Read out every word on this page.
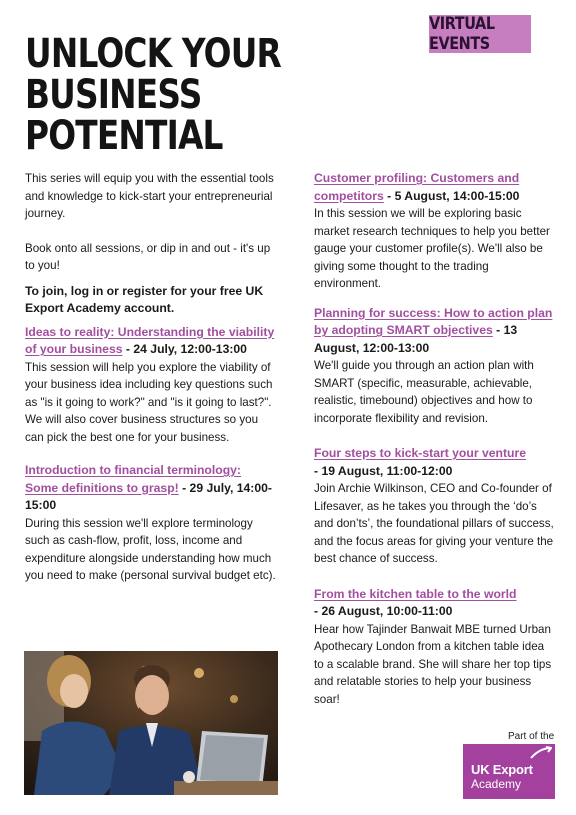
VIRTUAL EVENTS
UNLOCK YOUR
BUSINESS
POTENTIAL

This series will equip you with the essential tools and knowledge to kick-start your entrepreneurial journey.

Book onto all sessions, or dip in and out - it's up to you!

To join, log in or register for your free UK Export Academy account.

Ideas to reality: Understanding the viability of your business - 24 July, 12:00-13:00

This session will help you explore the viability of your business idea including key questions such as "is it going to work?" and "is it going to last?". We will also cover business structures so you can pick the best one for your business.

Introduction to financial terminology: Some definitions to grasp! - 29 July, 14:00-15:00

During this session we'll explore terminology such as cash-flow, profit, loss, income and expenditure alongside understanding how much you need to make (personal survival budget etc).

Customer profiling: Customers and competitors - 5 August, 14:00-15:00

In this session we will be exploring basic market research techniques to help you better gauge your customer profile(s). We'll also be giving some thought to the trading environment.

Planning for success: How to action plan by adopting SMART objectives - 13 August, 12:00-13:00

We'll guide you through an action plan with SMART (specific, measurable, achievable, realistic, timebound) objectives and how to incorporate flexibility and revision.

Four steps to kick-start your venture

- 19 August, 11:00-12:00

Join Archie Wilkinson, CEO and Co-founder of Lifesaver, as he takes you through the ‘do’s and don’ts’, the foundational pillars of success, and the focus areas for giving your venture the best chance of success.

From the kitchen table to the world

- 26 August, 10:00-11:00

Hear how Tajinder Banwait MBE turned Urban Apothecary London from a kitchen table idea to a scalable brand. She will share her top tips and relatable stories to help your business soar!

Part of the
UK Export
Academy
